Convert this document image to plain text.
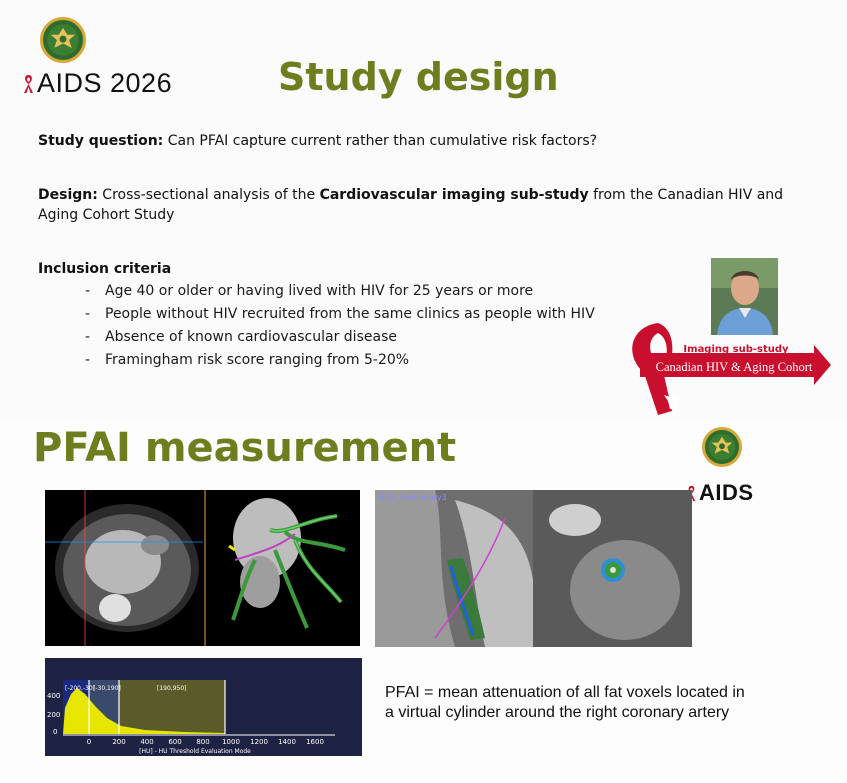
AIDS 2026	Study design
Study question: Can PFAI capture current rather than cumulative risk factors?
Design: Cross-sectional analysis of the Cardiovascular imaging sub-study from the Canadian HIV and Aging Cohort Study
Inclusion criteria
- Age 40 or older or having lived with HIV for 25 years or more
- People without HIV recruited from the same clinics as people with HIV
- Absence of known cardiovascular disease
- Framingham risk score ranging from 5-20%
Imaging sub-study
Canadian HIV & Aging Cohort
PFAI measurement
AIDS
RCA_Secondary3
[-200,-30]
[-30,190]	[190,950]
400
200
0
0	200 400 600 800 1000 1200 1400 1600
[HU] - HU Threshold Evaluation Mode
PFAI = mean attenuation of all fat voxels located in a virtual cylinder around the right coronary artery
